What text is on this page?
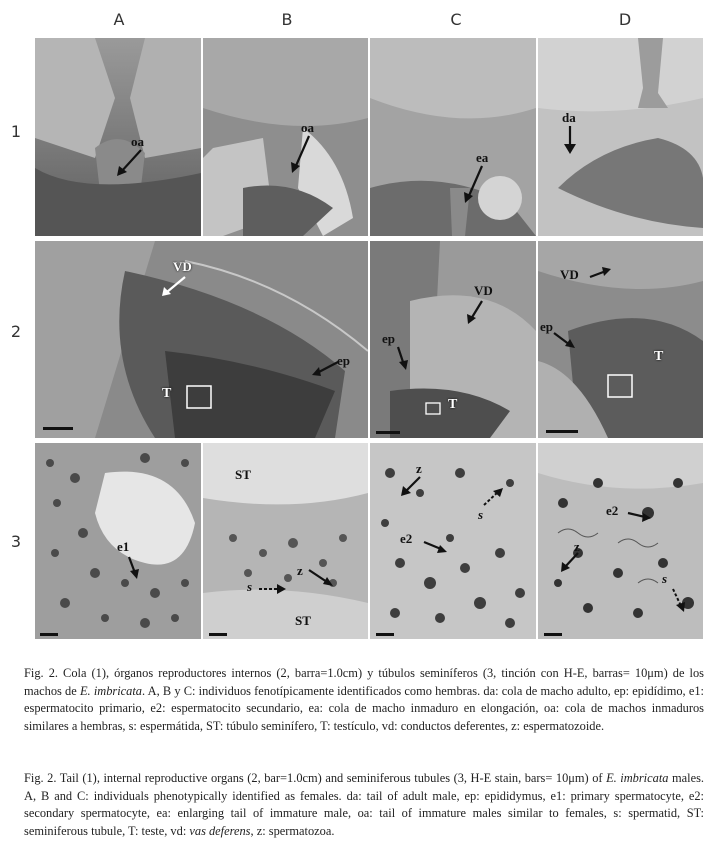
A	B	C	D
1
2
3
oa
oa
ea
da
VD
ep
T
VD
ep
T
VD
ep
T
e1
ST
s
z
ST
z
s
e2
e2
z
s
Fig. 2. Cola (1), órganos reproductores internos (2, barra=1.0cm) y túbulos seminíferos (3, tinción con H-E, barras= 10μm) de los machos de E. imbricata. A, B y C: individuos fenotípicamente identificados como hembras. da: cola de macho adulto, ep: epidídimo, e1: espermatocito primario, e2: espermatocito secundario, ea: cola de macho inmaduro en elongación, oa: cola de machos inmaduros similares a hembras, s: espermátida, ST: túbulo seminífero, T: testículo, vd: conductos deferentes, z: espermatozoide.
Fig. 2. Tail (1), internal reproductive organs (2, bar=1.0cm) and seminiferous tubules (3, H-E stain, bars= 10μm) of E. imbricata males. A, B and C: individuals phenotypically identified as females. da: tail of adult male, ep: epididymus, e1: primary spermatocyte, e2: secondary spermatocyte, ea: enlarging tail of immature male, oa: tail of immature males similar to females, s: spermatid, ST: seminiferous tubule, T: teste, vd: vas deferens, z: spermatozoa.
